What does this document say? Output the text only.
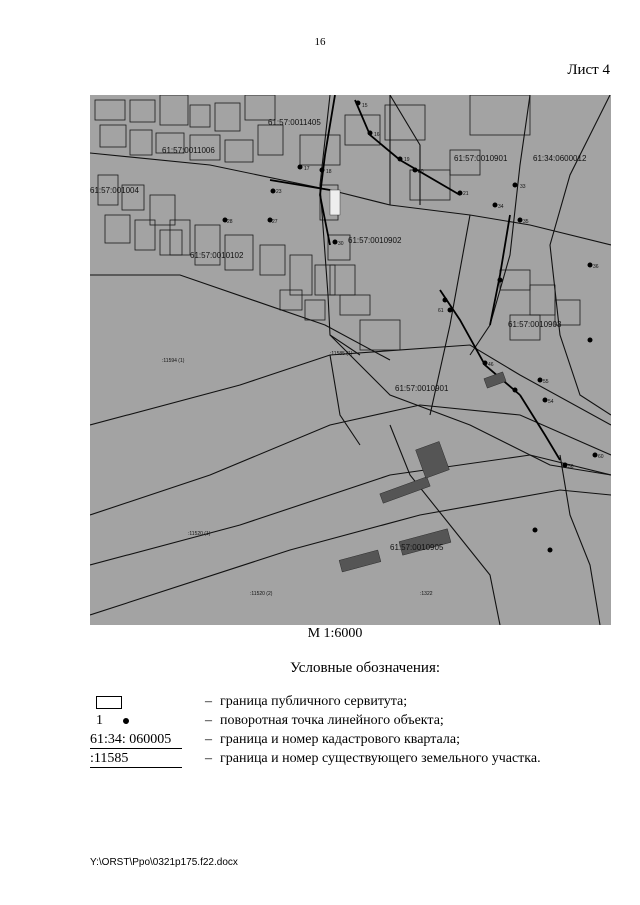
16
Лист 4
61:57:0011405
61:57:0011006
61:57:001004
61:57:0010102
61:57:0010901	61:34:0600012
61:57:0010902
61:57:0010901
61:57:0010903
61:57:0010905
15
16
17	18
19
20
21
23
27
28
30
33
34
35
36
46
54
55
56
60
61
:11594 (1)
:11585 (1)
:11520 (1)
:11520 (2)	:1322
М 1:6000
Условные обозначения:
– граница публичного сервитута;
1	– поворотная точка линейного объекта;
61:34: 060005	– граница и номер кадастрового квартала;
:11585	– граница и номер существующего земельного участка.
Y:\ORST\Ppo\0321p175.f22.docx
